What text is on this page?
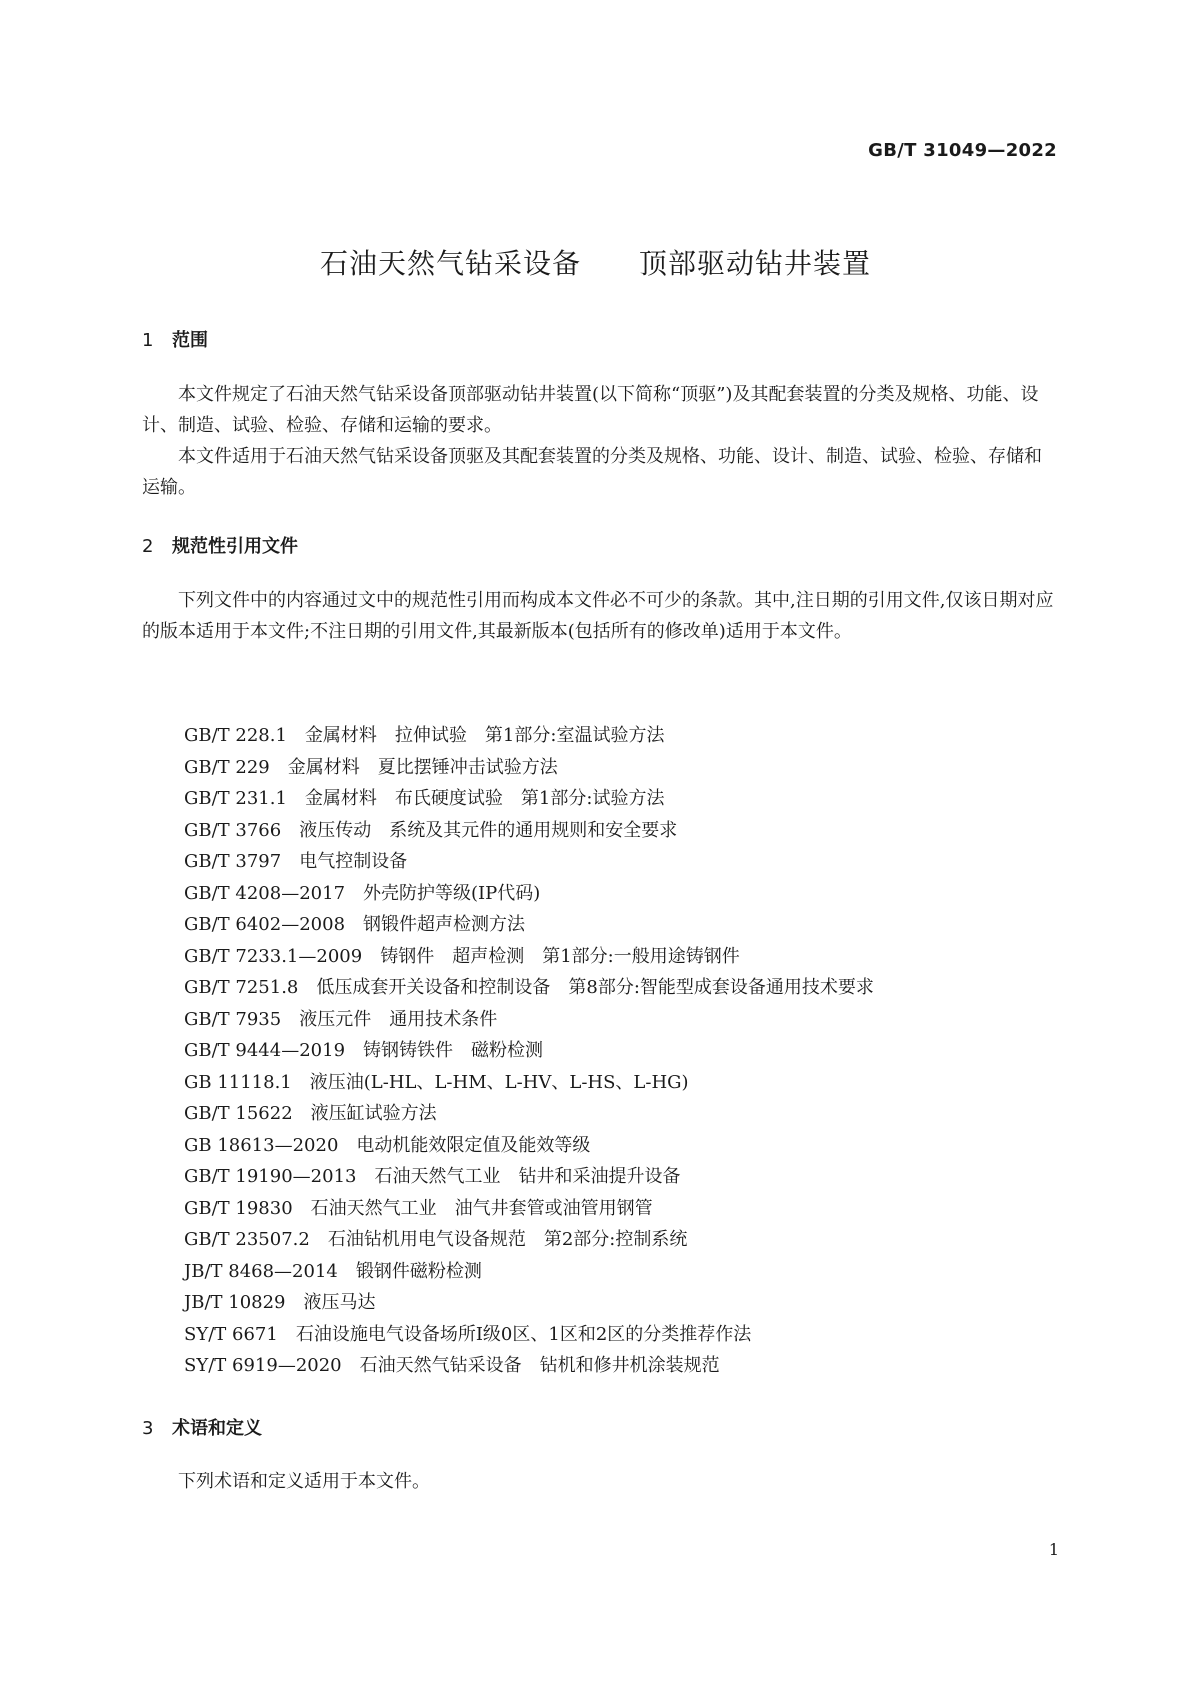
GB/T 31049—2022

石油天然气钻采设备　　顶部驱动钻井装置
1 范围

本文件规定了石油天然气钻采设备顶部驱动钻井装置(以下简称“顶驱”)及其配套装置的分类及规格、功能、设计、制造、试验、检验、存储和运输的要求。

本文件适用于石油天然气钻采设备顶驱及其配套装置的分类及规格、功能、设计、制造、试验、检验、存储和运输。

2 规范性引用文件

下列文件中的内容通过文中的规范性引用而构成本文件必不可少的条款。其中,注日期的引用文件,仅该日期对应的版本适用于本文件;不注日期的引用文件,其最新版本(包括所有的修改单)适用于本文件。

GB/T 228.1 金属材料　拉伸试验　第1部分:室温试验方法
GB/T 229 金属材料　夏比摆锤冲击试验方法
GB/T 231.1 金属材料　布氏硬度试验　第1部分:试验方法
GB/T 3766 液压传动　系统及其元件的通用规则和安全要求
GB/T 3797 电气控制设备
GB/T 4208—2017 外壳防护等级(IP代码)
GB/T 6402—2008 钢锻件超声检测方法
GB/T 7233.1—2009 铸钢件　超声检测　第1部分:一般用途铸钢件
GB/T 7251.8 低压成套开关设备和控制设备　第8部分:智能型成套设备通用技术要求
GB/T 7935 液压元件　通用技术条件
GB/T 9444—2019 铸钢铸铁件　磁粉检测
GB 11118.1 液压油(L-HL、L-HM、L-HV、L-HS、L-HG)
GB/T 15622 液压缸试验方法
GB 18613—2020 电动机能效限定值及能效等级
GB/T 19190—2013 石油天然气工业　钻井和采油提升设备
GB/T 19830 石油天然气工业　油气井套管或油管用钢管
GB/T 23507.2 石油钻机用电气设备规范　第2部分:控制系统
JB/T 8468—2014 锻钢件磁粉检测
JB/T 10829 液压马达
SY/T 6671 石油设施电气设备场所Ⅰ级0区、1区和2区的分类推荐作法
SY/T 6919—2020 石油天然气钻采设备　钻机和修井机涂装规范
3 术语和定义

下列术语和定义适用于本文件。

1
